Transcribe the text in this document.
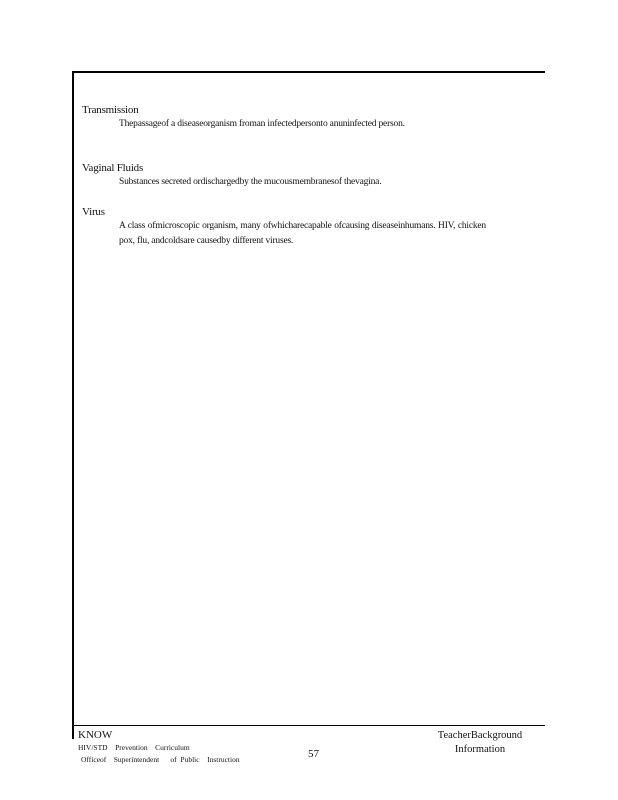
Transmission
Thepassageof a diseaseorganism froman infectedpersonto anuninfected person.
Vaginal Fluids
Substances secreted ordischargedby the mucousmembranesof thevagina.
Virus
A class ofmicroscopic organism, many ofwhicharecapable ofcausing diseaseinhumans. HIV, chicken pox, flu, andcoldsare causedby different viruses.
KNOW
HIV/STD    Prevention    Curriculum
Officeof    Superintendent      of  Public    Instruction	57
TeacherBackground
Information
